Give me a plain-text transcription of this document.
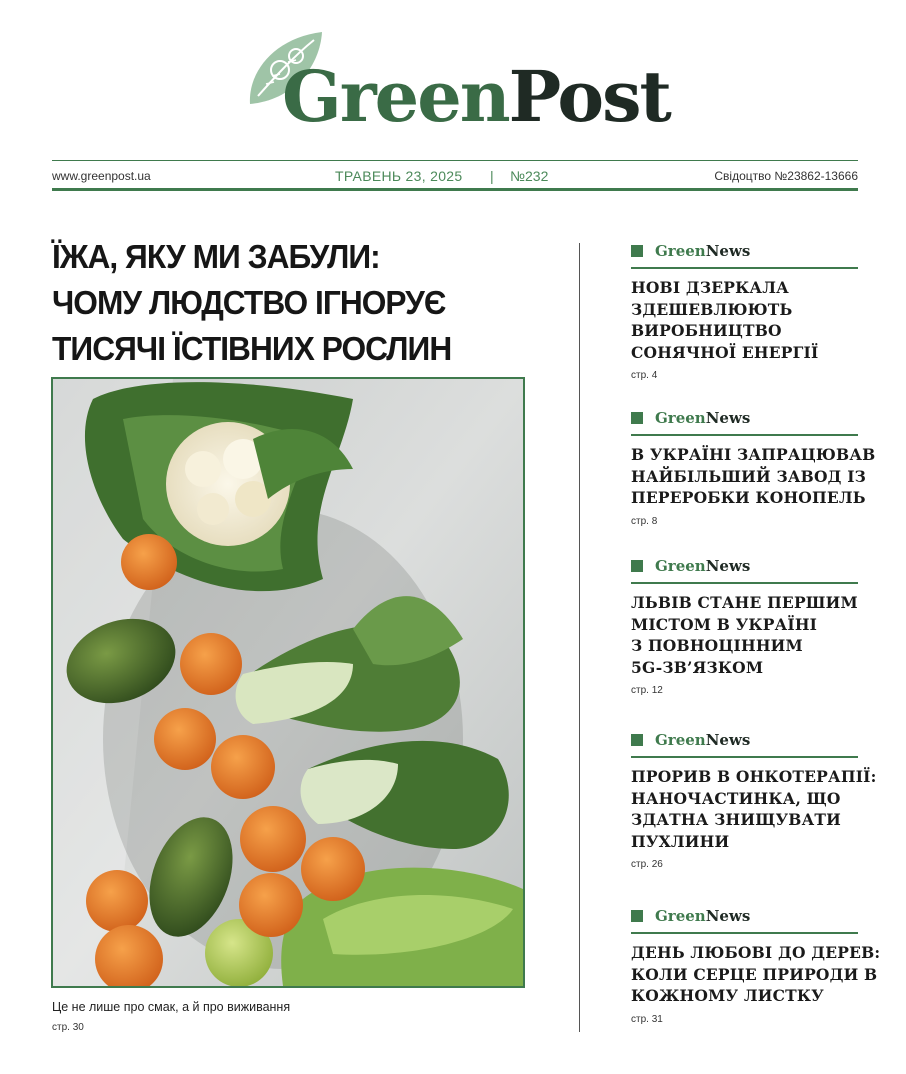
GreenPost
www.greenpost.ua	ТРАВЕНЬ 23, 2025 | №232	Свідоцтво №23862-13666
ЇЖА, ЯКУ МИ ЗАБУЛИ:
ЧОМУ ЛЮДСТВО ІГНОРУЄ
ТИСЯЧІ ЇСТІВНИХ РОСЛИН
Це не лише про смак, а й про виживання
стр. 30
GreenNews
НОВІ ДЗЕРКАЛА
ЗДЕШЕВЛЮЮТЬ
ВИРОБНИЦТВО
СОНЯЧНОЇ ЕНЕРГІЇ
стр. 4
GreenNews
В УКРАЇНІ ЗАПРАЦЮВАВ
НАЙБІЛЬШИЙ ЗАВОД ІЗ
ПЕРЕРОБКИ КОНОПЕЛЬ
стр. 8
GreenNews
ЛЬВІВ СТАНЕ ПЕРШИМ
МІСТОМ В УКРАЇНІ
З ПОВНОЦІННИМ
5G-ЗВ’ЯЗКОМ
стр. 12
GreenNews
ПРОРИВ В ОНКОТЕРАПІЇ:
НАНОЧАСТИНКА, ЩО
ЗДАТНА ЗНИЩУВАТИ
ПУХЛИНИ
стр. 26
GreenNews
ДЕНЬ ЛЮБОВІ ДО ДЕРЕВ:
КОЛИ СЕРЦЕ ПРИРОДИ В
КОЖНОМУ ЛИСТКУ
стр. 31
